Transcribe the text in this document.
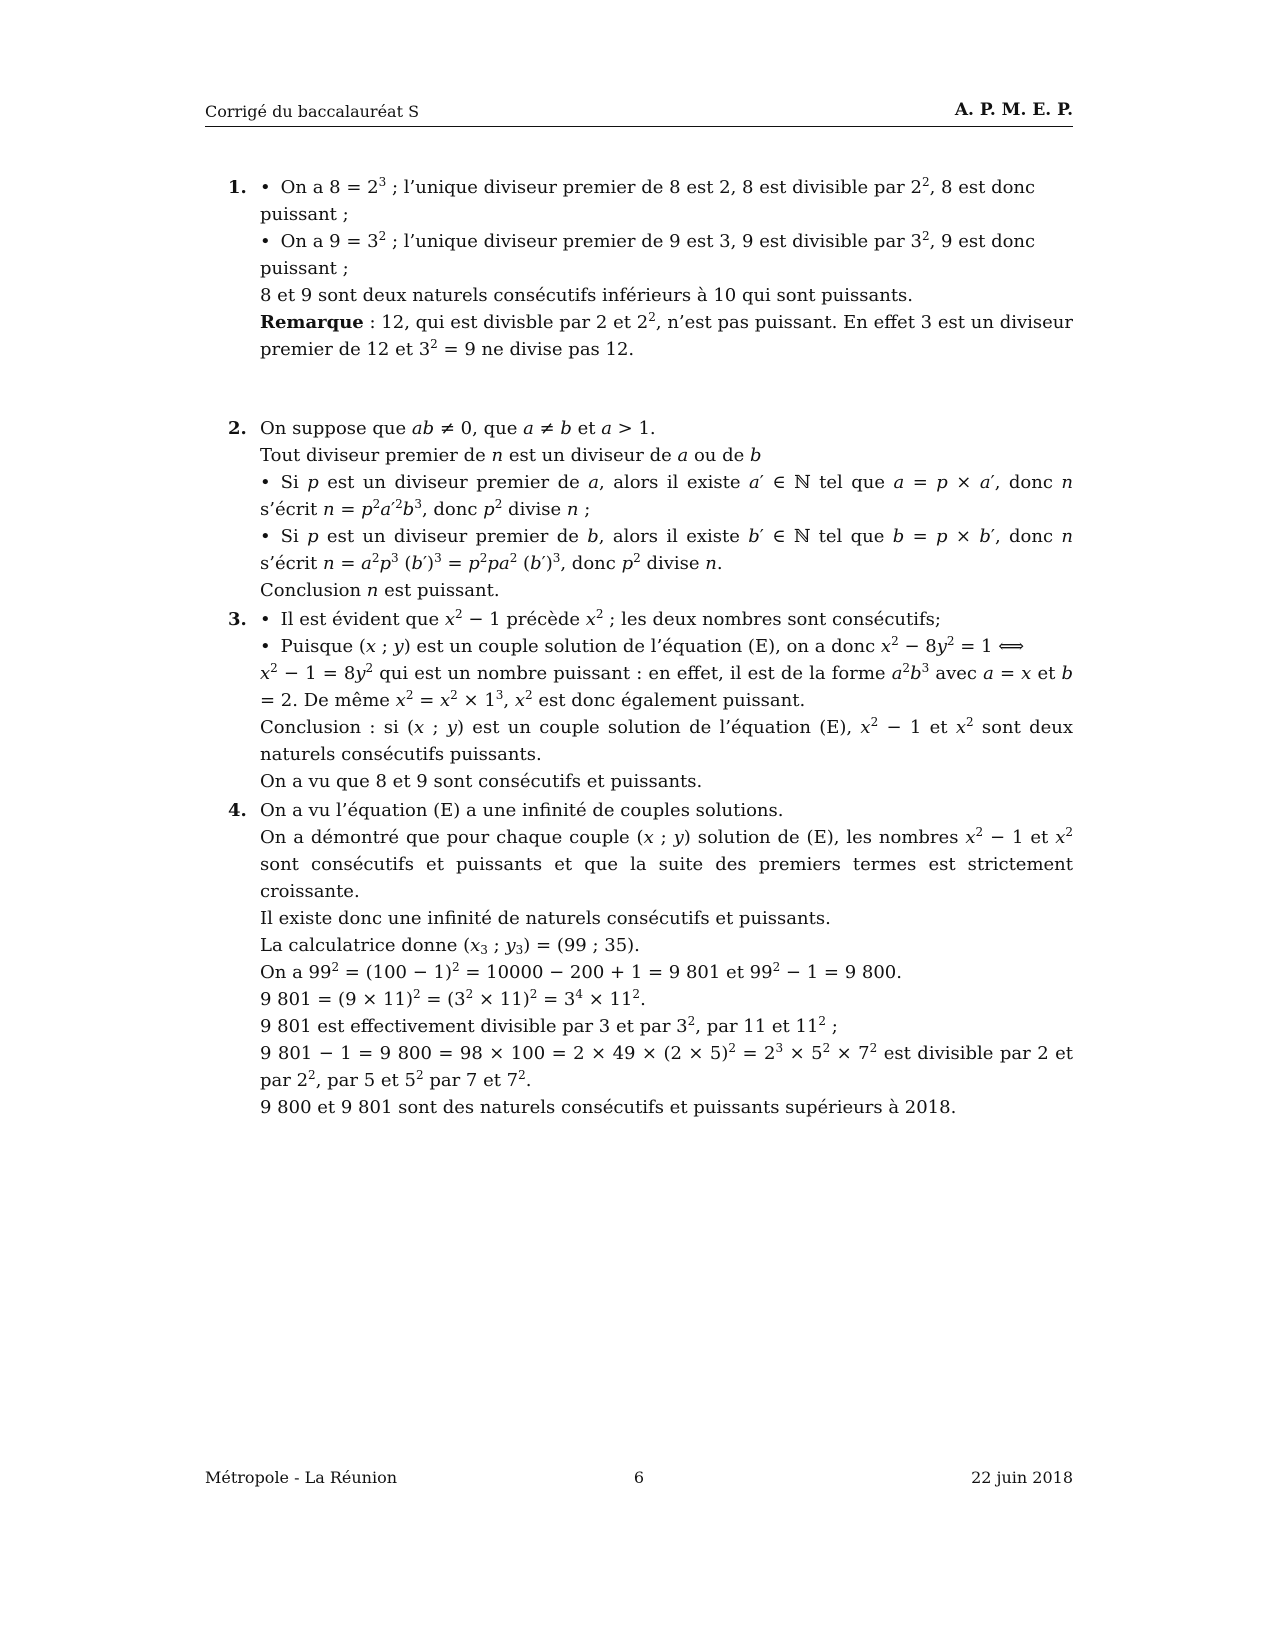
Corrigé du baccalauréat S	A. P. M. E. P.
1.	• On a $8 = 2^3$ ; l’unique diviseur premier de 8 est 2, 8 est divisible par $2^2$, 8 est donc puissant ;

• On a $9 = 3^2$ ; l’unique diviseur premier de 9 est 3, 9 est divisible par $3^2$, 9 est donc puissant ;

8 et 9 sont deux naturels consécutifs inférieurs à 10 qui sont puissants.

Remarque : 12, qui est divisble par 2 et $2^2$, n’est pas puissant. En effet 3 est un diviseur premier de 12 et $3^2 = 9$ ne divise pas 12.

2. On suppose que ab ≠ 0, que a ≠ b et a > 1.

Tout diviseur premier de n est un diviseur de a ou de b

• Si p est un diviseur premier de a, alors il existe a′ ∈ ℕ tel que a = p × a′, donc n s’écrit $n = p^2a'^2b^3$, donc $p^2$ divise n ;

• Si p est un diviseur premier de b, alors il existe b′ ∈ ℕ tel que b = p × b′, donc n s’écrit $n = a^2p^3$ $(b')^3 = p^2pa^2$ $(b')^3$, donc $p^2$ divise n.

Conclusion n est puissant.

3.	• Il est évident que $x^2 - 1$ précède $x^2$ ; les deux nombres sont consécutifs;

• Puisque (x ; y) est un couple solution de l’équation (E), on a donc $x^2 - 8y^2 = 1$ ⟺

$x^2 - 1 = 8y^2$ qui est un nombre puissant : en effet, il est de la forme $a^2b^3$ avec a = x et b = 2. De même $x^2 = x^2 \times 1^3$, $x^2$ est donc également puissant.

Conclusion : si (x ; y) est un couple solution de l’équation (E), $x^2 - 1$ et $x^2$ sont deux naturels consécutifs puissants.

On a vu que 8 et 9 sont consécutifs et puissants.

4. On a vu l’équation (E) a une infinité de couples solutions.

On a démontré que pour chaque couple (x ; y) solution de (E), les nombres $x^2 - 1$ et $x^2$ sont consécutifs et puissants et que la suite des premiers termes est strictement croissante.

Il existe donc une infinité de naturels consécutifs et puissants.

La calculatrice donne ($x_3$ ; $y_3) = (99$ ; 35).

On a $99^2 = (100 - 1)^2 = 10000 - 200 + 1 = 9$ 801 et $99^2 - 1 = 9$ 800.

9 $801 = (9 \times 11)^2 = (3^2 \times 11)^2 = 3^4 \times 11^2$.

9 801 est effectivement divisible par 3 et par $3^2$, par 11 et $11^2$ ;

9 801 − 1 = 9 $800 = 98 \times 100 = 2 \times 49 \times (2 \times 5)^2 = 2^3 \times 5^2 \times 7^2$ est divisible par 2 et par $2^2$, par 5 et $5^2$ par 7 et $7^2$.

9 800 et 9 801 sont des naturels consécutifs et puissants supérieurs à 2018.

Métropole - La Réunion	6	22 juin 2018
